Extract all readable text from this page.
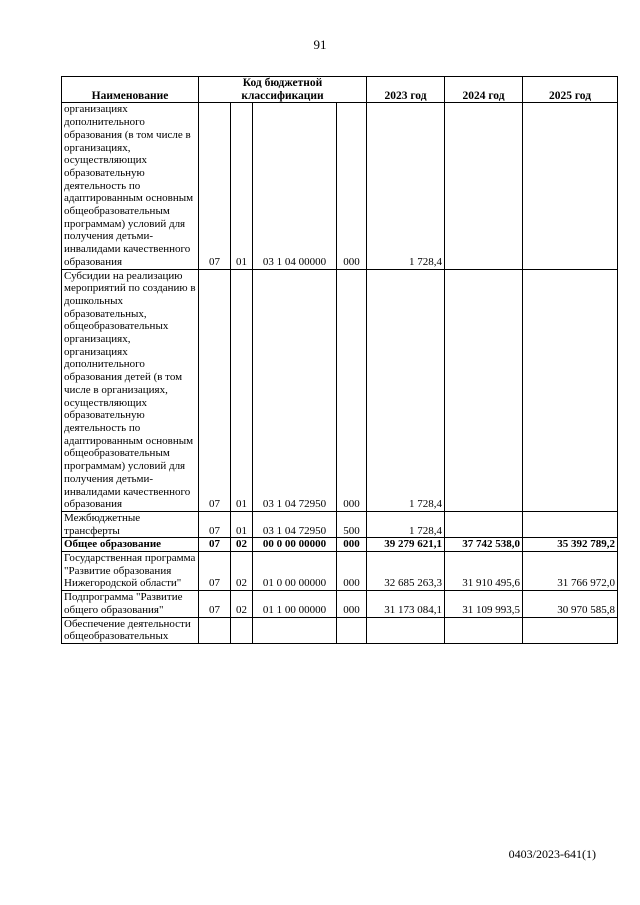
91
Наименование	Код бюджетной классификации				2023 год	2024 год	2025 год
организациях дополнительного образования (в том числе в организациях, осуществляющих образовательную деятельность по адаптированным основным общеобразовательным программам) условий для получения детьми-инвалидами качественного образования	07	01	03 1 04 00000	000	1 728,4		
Субсидии на реализацию мероприятий по созданию в дошкольных образовательных, общеобразовательных организациях, организациях дополнительного образования детей (в том числе в организациях, осуществляющих образовательную деятельность по адаптированным основным общеобразовательным программам) условий для получения детьми-инвалидами качественного образования	07	01	03 1 04 72950	000	1 728,4		
Межбюджетные трансферты	07	01	03 1 04 72950	500	1 728,4		
Общее образование	07	02	00 0 00 00000	000	39 279 621,1	37 742 538,0	35 392 789,2
Государственная программа "Развитие образования Нижегородской области"	07	02	01 0 00 00000	000	32 685 263,3	31 910 495,6	31 766 972,0
Подпрограмма "Развитие общего образования"	07	02	01 1 00 00000	000	31 173 084,1	31 109 993,5	30 970 585,8
Обеспечение деятельности общеобразовательных							
0403/2023-641(1)
